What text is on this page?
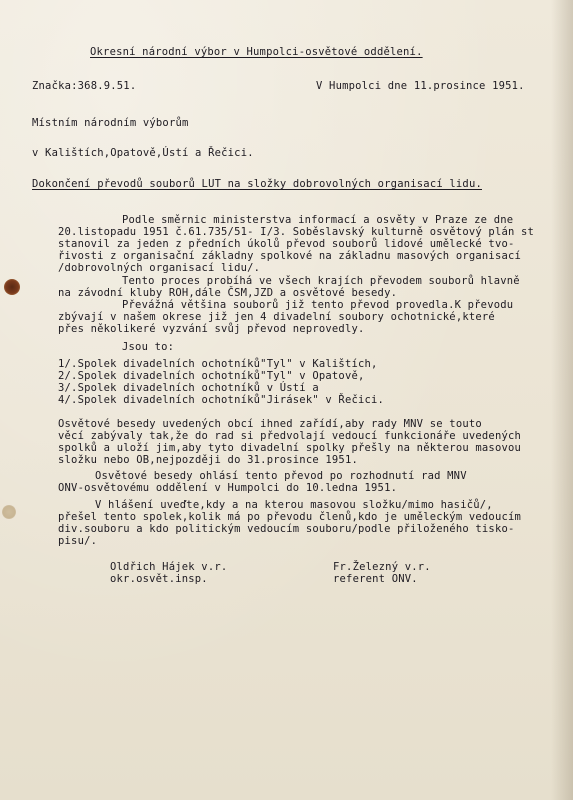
Okresní národní výbor v Humpolci-osvětové oddělení.
Značka:368.9.51.	V Humpolci dne 11.prosince 1951.
Místním národním výborům
v Kalištích,Opatově,Ústí a Řečici.
Dokončení převodů souborů LUT na složky dobrovolných organisací lidu.
Podle směrnic ministerstva informací a osvěty v Praze ze dne
20.listopadu 1951 č.61.735/51- I/3. Soběslavský kulturně osvětový plán st
stanovil za jeden z předních úkolů převod souborů lidové umělecké tvo-
řivosti z organisační základny spolkové na základnu masových organisací
/dobrovolných organisací lidu/.
Tento proces probíhá ve všech krajích převodem souborů hlavně
na závodní kluby ROH,dále ČSM,JZD a osvětové besedy.
Převážná většina souborů již tento převod provedla.K převodu
zbývají v našem okrese již jen 4 divadelní soubory ochotnické,které
přes několikeré vyzvání svůj převod neprovedly.
Jsou to:
1/.Spolek divadelních ochotníků"Tyl" v Kalištích,
2/.Spolek divadelních ochotníků"Tyl" v Opatově,
3/.Spolek divadelních ochotníků v Ústí a
4/.Spolek divadelních ochotníků"Jirásek" v Řečici.
Osvětové besedy uvedených obcí ihned zařídí,aby rady MNV se touto
věcí zabývaly tak,že do rad si předvolají vedoucí funkcionáře uvedených
spolků a uloží jim,aby tyto divadelní spolky přešly na některou masovou
složku nebo OB,nejpozději do 31.prosince 1951.
Osvětové besedy ohlásí tento převod po rozhodnutí rad MNV
ONV-osvětovému oddělení v Humpolci do 10.ledna 1951.
V hlášení uveďte,kdy a na kterou masovou složku/mimo hasičů/,
přešel tento spolek,kolik má po převodu členů,kdo je uměleckým vedoucím
div.souboru a kdo politickým vedoucím souboru/podle přiloženého tisko-
pisu/.
Oldřich Hájek v.r.
okr.osvět.insp.
Fr.Železný v.r.
referent ONV.
